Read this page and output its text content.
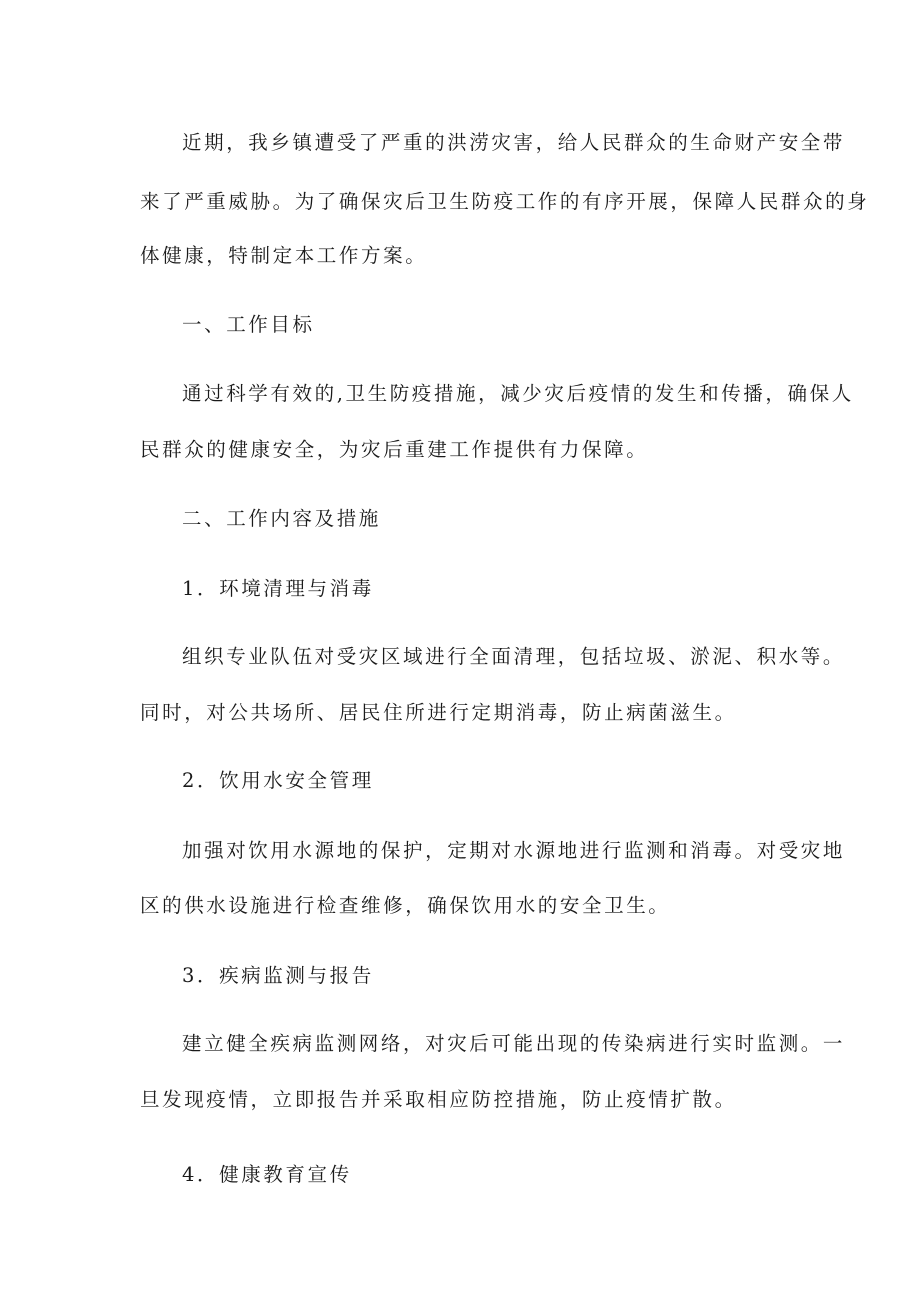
近期，我乡镇遭受了严重的洪涝灾害，给人民群众的生命财产安全带
来了严重威胁。为了确保灾后卫生防疫工作的有序开展，保障人民群众的身
体健康，特制定本工作方案。
一、工作目标
通过科学有效的,卫生防疫措施，减少灾后疫情的发生和传播，确保人
民群众的健康安全，为灾后重建工作提供有力保障。
二、工作内容及措施
1．环境清理与消毒
组织专业队伍对受灾区域进行全面清理，包括垃圾、淤泥、积水等。
同时，对公共场所、居民住所进行定期消毒，防止病菌滋生。
2．饮用水安全管理
加强对饮用水源地的保护，定期对水源地进行监测和消毒。对受灾地
区的供水设施进行检查维修，确保饮用水的安全卫生。
3．疾病监测与报告
建立健全疾病监测网络，对灾后可能出现的传染病进行实时监测。一
旦发现疫情，立即报告并采取相应防控措施，防止疫情扩散。
4．健康教育宣传
